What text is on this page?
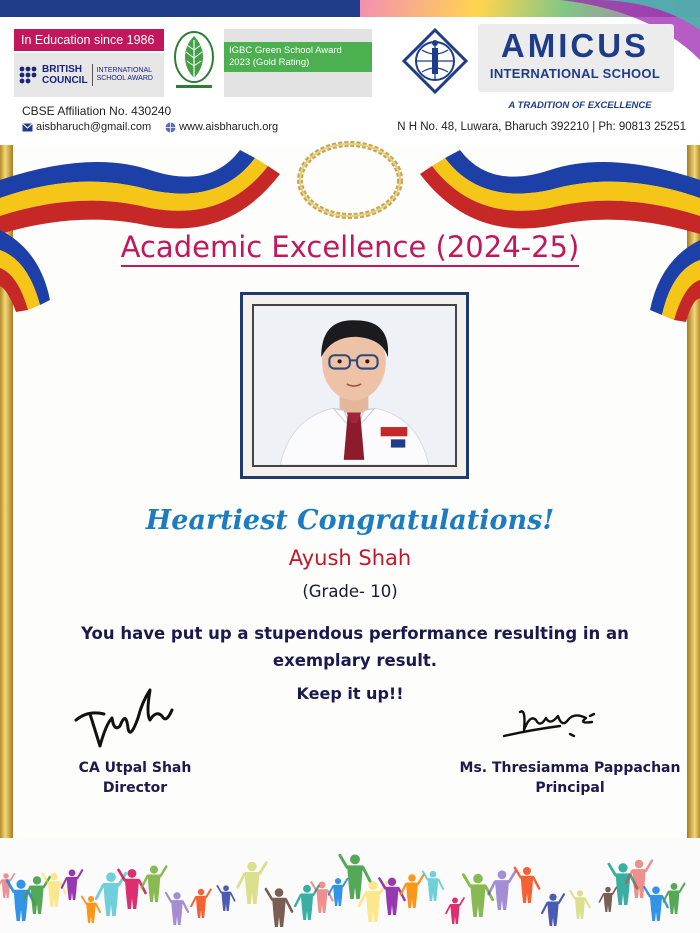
In Education since 1986
BRITISH
COUNCIL
INTERNATIONAL
SCHOOL AWARD
IGBC Green School Award
2023 (Gold Rating)
CBSE Affiliation No. 430240
aisbharuch@gmail.com	www.aisbharuch.org	N H No. 48, Luwara, Bharuch 392210 | Ph: 90813 25251
AMICUS
INTERNATIONAL SCHOOL
A TRADITION OF EXCELLENCE
Academic Excellence (2024-25)
Heartiest Congratulations!
Ayush Shah
(Grade- 10)
You have put up a stupendous performance resulting in an exemplary result.
Keep it up!!
CA Utpal Shah
Director
Ms. Thresiamma Pappachan
Principal
